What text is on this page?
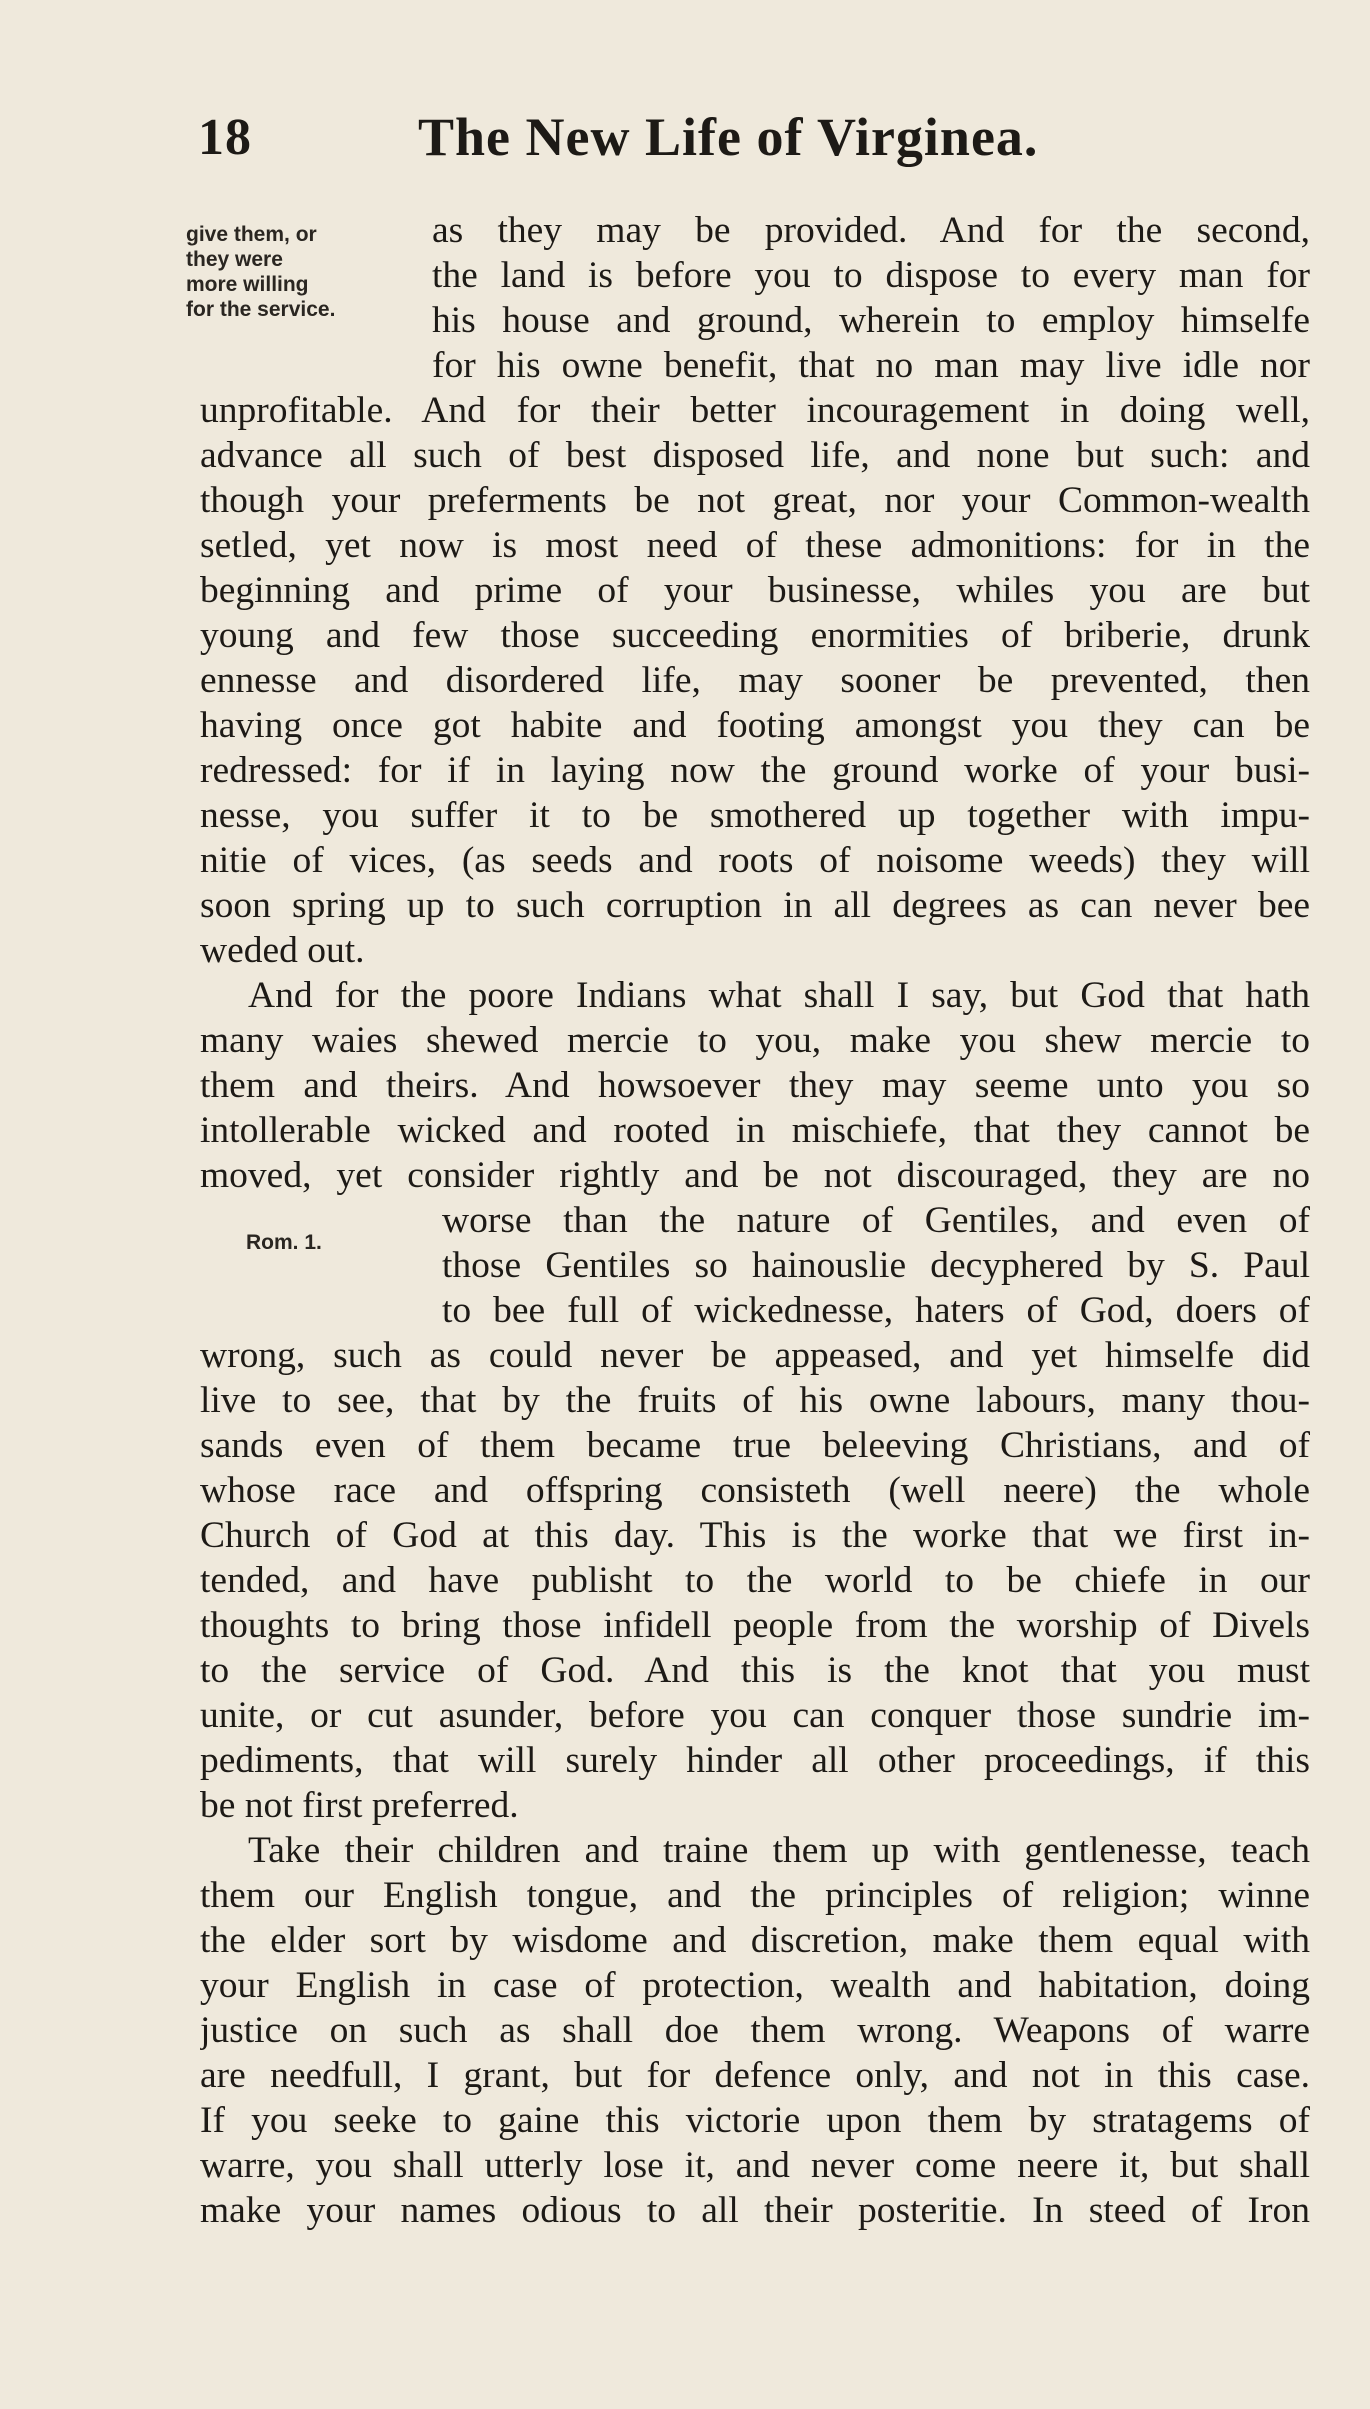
18	The New Life of Virginea.
give them, or
they were
more willing
for the service.
Rom. 1.
as they may be provided. And for the second,
the land is before you to dispose to every man for
his house and ground, wherein to employ himselfe
for his owne benefit, that no man may live idle nor
unprofitable. And for their better incouragement in doing well,
advance all such of best disposed life, and none but such: and
though your preferments be not great, nor your Common-wealth
setled, yet now is most need of these admonitions: for in the
beginning and prime of your businesse, whiles you are but
young and few those succeeding enormities of briberie, drunk
ennesse and disordered life, may sooner be prevented, then
having once got habite and footing amongst you they can be
redressed: for if in laying now the ground worke of your busi-
nesse, you suffer it to be smothered up together with impu-
nitie of vices, (as seeds and roots of noisome weeds) they will
soon spring up to such corruption in all degrees as can never bee
weded out.
And for the poore Indians what shall I say, but God that hath
many waies shewed mercie to you, make you shew mercie to
them and theirs. And howsoever they may seeme unto you so
intollerable wicked and rooted in mischiefe, that they cannot be
moved, yet consider rightly and be not discouraged, they are no
worse than the nature of Gentiles, and even of
those Gentiles so hainouslie decyphered by S. Paul
to bee full of wickednesse, haters of God, doers of
wrong, such as could never be appeased, and yet himselfe did
live to see, that by the fruits of his owne labours, many thou-
sands even of them became true beleeving Christians, and of
whose race and offspring consisteth (well neere) the whole
Church of God at this day. This is the worke that we first in-
tended, and have publisht to the world to be chiefe in our
thoughts to bring those infidell people from the worship of Divels
to the service of God. And this is the knot that you must
unite, or cut asunder, before you can conquer those sundrie im-
pediments, that will surely hinder all other proceedings, if this
be not first preferred.
Take their children and traine them up with gentlenesse, teach
them our English tongue, and the principles of religion; winne
the elder sort by wisdome and discretion, make them equal with
your English in case of protection, wealth and habitation, doing
justice on such as shall doe them wrong. Weapons of warre
are needfull, I grant, but for defence only, and not in this case.
If you seeke to gaine this victorie upon them by stratagems of
warre, you shall utterly lose it, and never come neere it, but shall
make your names odious to all their posteritie. In steed of Iron
